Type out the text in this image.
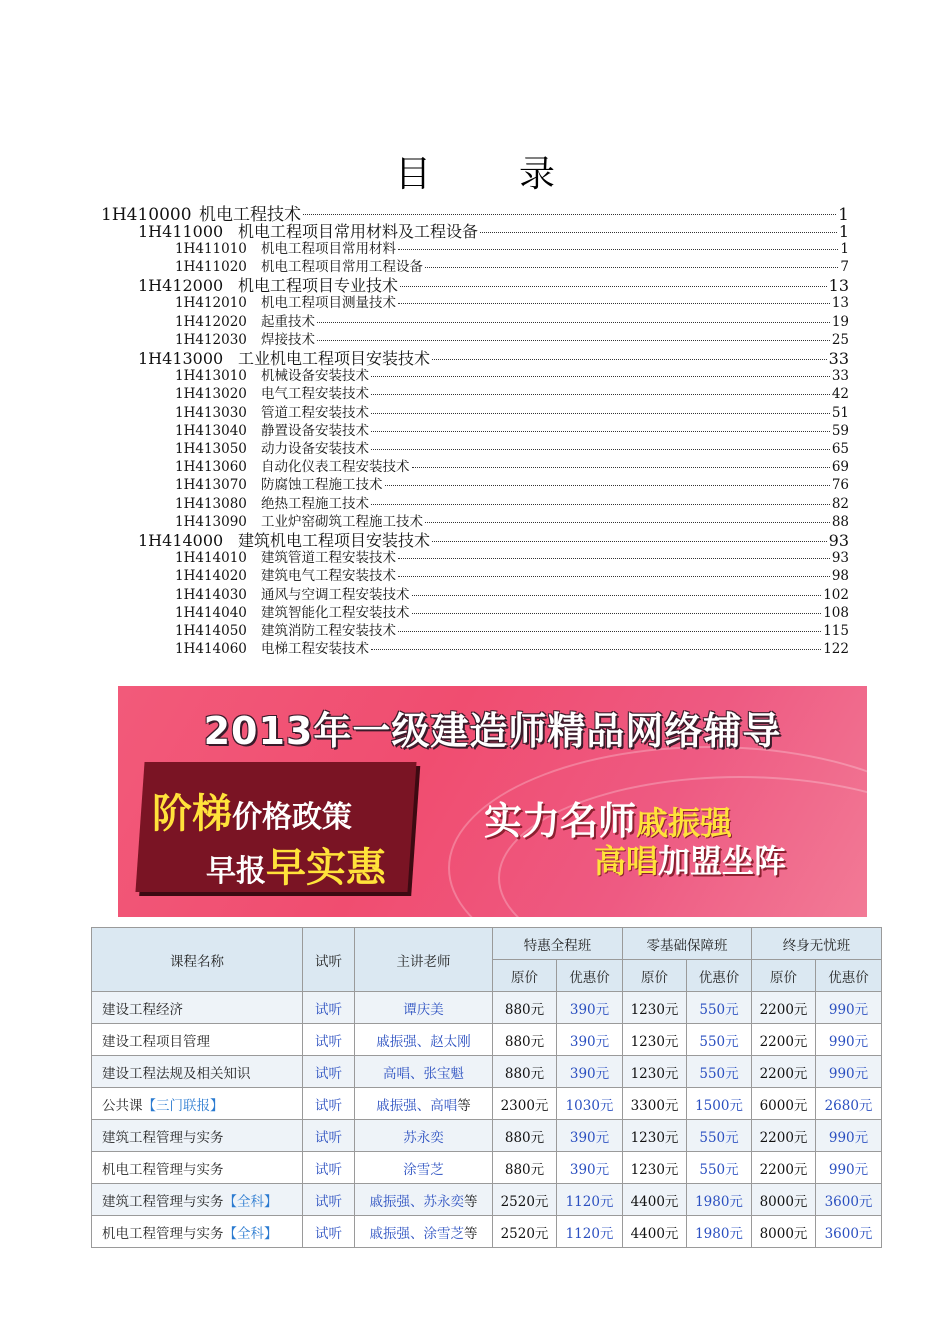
目录
1H410000 机电工程技术	1
1H411000 机电工程项目常用材料及工程设备	1
1H411010	机电工程项目常用材料	1
1H411020	机电工程项目常用工程设备	7
1H412000 机电工程项目专业技术	13
1H412010	机电工程项目测量技术	13
1H412020	起重技术	19
1H412030	焊接技术	25
1H413000 工业机电工程项目安装技术	33
1H413010	机械设备安装技术	33
1H413020	电气工程安装技术	42
1H413030	管道工程安装技术	51
1H413040	静置设备安装技术	59
1H413050	动力设备安装技术	65
1H413060	自动化仪表工程安装技术	69
1H413070	防腐蚀工程施工技术	76
1H413080	绝热工程施工技术	82
1H413090	工业炉窑砌筑工程施工技术	88
1H414000 建筑机电工程项目安装技术	93
1H414010	建筑管道工程安装技术	93
1H414020	建筑电气工程安装技术	98
1H414030	通风与空调工程安装技术	102
1H414040	建筑智能化工程安装技术	108
1H414050	建筑消防工程安装技术	115
1H414060	电梯工程安装技术	122
2013年一级建造师精品网络辅导
阶梯价格政策
早报早实惠
实力名师戚振强
高唱加盟坐阵
课程名称	试听	主讲老师	特惠全程班		零基础保障班		终身无忧班	
			原价	优惠价	原价	优惠价	原价	优惠价
建设工程经济	试听	谭庆美	880元	390元	1230元	550元	2200元	990元
建设工程项目管理	试听	戚振强、赵太刚	880元	390元	1230元	550元	2200元	990元
建设工程法规及相关知识	试听	高唱、张宝魁	880元	390元	1230元	550元	2200元	990元
公共课【三门联报】	试听	戚振强、高唱等	2300元	1030元	3300元	1500元	6000元	2680元
建筑工程管理与实务	试听	苏永奕	880元	390元	1230元	550元	2200元	990元
机电工程管理与实务	试听	涂雪芝	880元	390元	1230元	550元	2200元	990元
建筑工程管理与实务【全科】	试听	戚振强、苏永奕等	2520元	1120元	4400元	1980元	8000元	3600元
机电工程管理与实务【全科】	试听	戚振强、涂雪芝等	2520元	1120元	4400元	1980元	8000元	3600元
